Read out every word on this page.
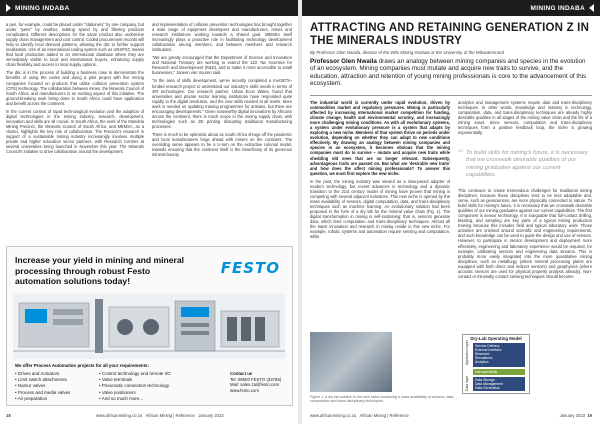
MINING INDABA

a pen, for example, could be placed under "stationery" by one company, but under "pens" by another, making spend by and filtering products complicated. Different descriptions for the same product also undermine supply chain management and cost control. Coded procurement records will help to identify local demand patterns, allowing the dtic to further support localisation. Use of an international coding system such as UNSPSC means that local production added to an international database where they are immediately visible to local and international buyers, enhancing supply chain flexibility and access to local supply options.

The dtic is in the process of building a business case to demonstrate the benefits of using the codes and doing a pilot project with five mining companies focused on products that utilise collision prevention system (CPS) technology. The collaboration between mines, the Minerals Council of South Africa, and manufacturers is an exciting aspect of this initiative. The ground-breaking work being done in South Africa could have application and benefit across the continent.

In the current context of rapid technological evolution and the adoption of digital technologies in the mining industry, research, development, innovation and skills are all crucial. In South Africa, the work of the Mandela Mining Precinct, the Minerals Council of South Africa, and MEMSA, as a cluster, highlights the key role of collaboration. The Precinct's research in support of a sustainable mining industry increasingly involves multiple private and higher education sector partners, with Research Centres at several universities being launched in November this year. The Minerals Council's initiative to drive collaboration around the development

and implementation of collision prevention technologies has brought together a wide range of equipment developers and manufacturers, mines and research institutions working towards a shared goal. MEMSA itself increasingly plays a proactive role in facilitating technology development collaboration among members, and between members and research institutions.

"We are greatly encouraged that the Department of Science and Innovation and National Treasury are working to extend the 11D Tax Incentive for Research and Development (R&D), and to make it more accessible to small businesses," Janeen van Vuuren said.

"In the area of skills development, we've recently completed a merSETA-funded research project to understand our industry's skills needs in terms of 4IR technologies. Our research partner, Urban Econ Wales, found that universities and private sector learning institutions have responded quite rapidly to the digital revolution, and the new skills needed at all levels. More work is needed on updating training programmes for artisans, but there are encouraging developments." Given noteworthy digital innovations by Africans across the continent, there is much scope in the mining supply chain, with technologies such as 3D printing disrupting traditional manufacturing processes.

There is much to be optimistic about as South Africa shrugs off the pandemic and local manufacturers forge ahead with miners on the continent. The overriding sense appears to be a U-turn on the extractive colonial model, towards ensuring that the continent itself is the beneficiary of its generous mineral bounty.

Increase your yield in mining and mineral processing through robust Festo automation solutions today!
FESTO
We offer Process Automation projects for all your requirements:
• Drives and Actuators
• Limit switch attachments
• Namur valves
• Process and media valves
• Air preparation
• Control technology and remote I/O
• Valve terminals
• Pneumatic connection technology
• Valve positioners
• And so much more...
Contact us
Tel: 08600 FESTO (33786)
Mail: sales.za@festo.com
www.festo.com
18	www.africanmining.co.za African Mining | Reference January 2023
MINING INDABA
ATTRACTING AND RETAINING GENERATION Z IN THE MINERALS INDUSTRY
By Professor Glen Nwaila, director of the Wits Mining Institute at the University of the Witwatersrand
Professor Glen Nwaila draws an analogy between mining companies and species in the evolution of an ecosystem. Mining companies must mutate and acquire new traits to survive, and the education, attraction and retention of young mining professionals is core to the advancement of this ecosystem.

The industrial world is currently under rapid evolution, driven by commodities market and regulatory pressures. Mining is particularly affected by increasing international market competition for funding, climate change, health and environmental scrutiny, and increasingly more challenging mining conditions. As with all evolutionary systems, a system under evolutionary pressure is a system that adapts by exploring a new niche. Members of that system thrive on periods under evolution, depending on whether they can adapt to new conditions effectively. By drawing an analogy between mining companies and species in an ecosystem, it becomes obvious that the mining companies must do to survive – mutate and acquire new traits while shedding old ones that are no longer relevant. Subsequently, advantageous traits are passed on. But what are 'desirable new traits' and how does the affect mining professionals? To answer this question, we must first explore the new niche.

In the past, the mining industry was viewed as a slow-paced adopter of modern technology, but recent advances in technology and a dynamic transition to the 21st century model of mining have proven that mining is competing with several adjacent industries. This new niche is opened by the mass availability of sensors, digital computation, data, and trans-disciplinary techniques such as machine learning. An evolutionary solution had been proposed in the form of a dry lab for the mineral value chain (Fig. 1). The digital transformation in mining is self-sustaining; that is, sensors generate data, which feed computation and trans-disciplinary techniques. Almost all the latest innovation and research in mining reside in this new niche. For example, robotic systems and automation require sensing and computation, while

analytics and management systems require data and trans-disciplinary techniques. In other words, knowledge and mastery in technology, computation, data, and trans-disciplinary techniques are already highly desirable qualities in all stages of the mining value chain and the life of a mining asset. Since sensors, computation and trans-disciplinary techniques form a positive feedback loop, the niche is growing exponentially.

“ To build skills for mining's future, it is necessary that we crosswalk desirable qualities of our mining graduates against our current capabilities.

This continues to create tremendous challenges for traditional mining disciplines, because these disciplines tend to be less adaptable and, some, such as geosciences, are more physically connected to nature. To build skills for mining's future, it is necessary that we crosswalk desirable qualities of our mining graduates against our current capabilities. The first component is sensor technology. It is inarguable that full-contact drilling, blasting, and sampling are key parts of a typical mining production training because this includes field and typical laboratory work. Those activities are oriented around scientific and engineering requirements, and such knowledge can be used to guide the design and use of sensors. However, to participate in sensor development and deployment more effectively, engineering and laboratory experience would be required, for example, calibrating sensors and engineering data streams. This is probably more easily integrated into the more quantitative mining disciplines, such as metallurgy (where mineral processing plants are equipped with both direct and indirect sensors) and geophysics (where acoustic sensors are used for physical property analysis already). Non-contact or minimally contact sensing techniques should become

Dry-Lab Operating Model
Application layer
Data layer
Service Delivery
External Interface
Research
Simulations
Analytics
Interoperability
Data Storage
Data Management
Data Generation
Figure 1: A dry lab solution in the new niche containing a mass availability of sensors, data, computation and trans-disciplinary techniques.
www.africanmining.co.za African Mining | Reference	January 2023 19
